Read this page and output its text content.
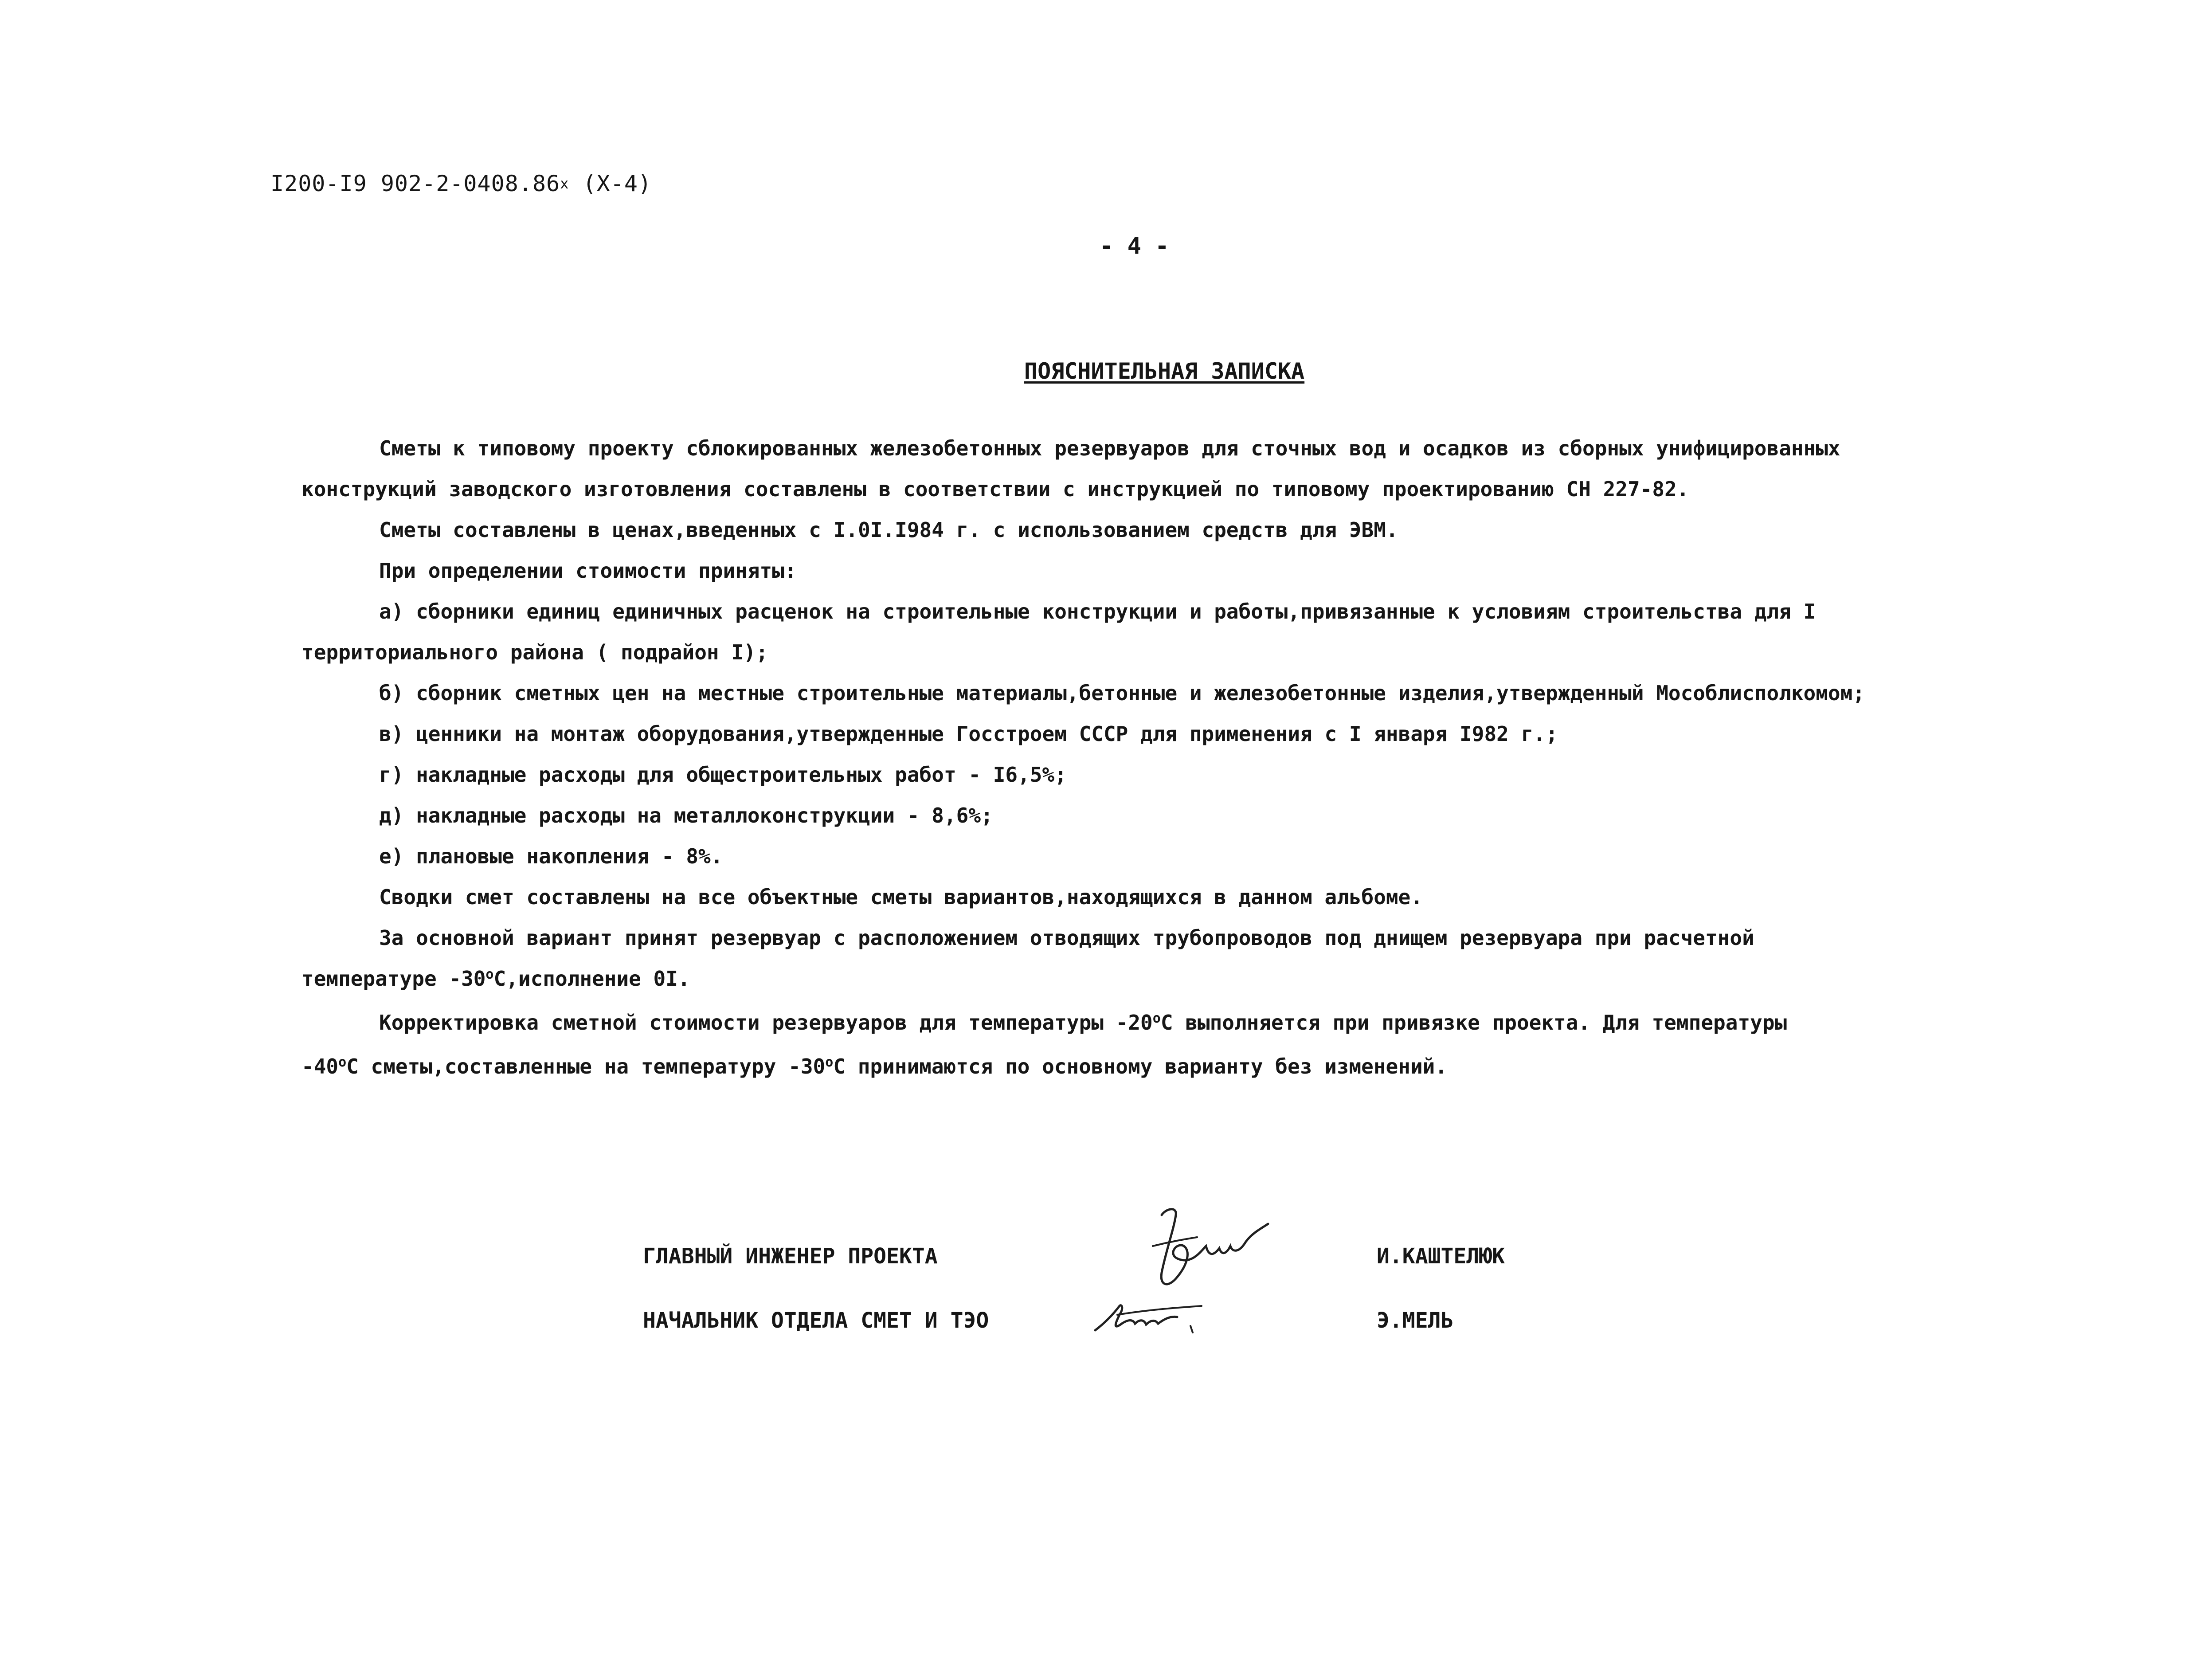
I200-I9 902-2-0408.86$^x$ (X-4)
- 4 -
ПОЯСНИТЕЛЬНАЯ ЗАПИСКА

Сметы к типовому проекту сблокированных железобетонных резервуаров для сточных вод и осадков из сборных унифицированных

конструкций заводского изготовления составлены в соответствии с инструкцией по типовому проектированию СН 227-82.

Сметы составлены в ценах,введенных с I.0I.I984 г. с использованием средств для ЭВМ.

При определении стоимости приняты:

а) сборники единиц единичных расценок на строительные конструкции и работы,привязанные к условиям строительства для I

территориального района ( подрайон I);

б) сборник сметных цен на местные строительные материалы,бетонные и железобетонные изделия,утвержденный Мособлисполкомом;

в) ценники на монтаж оборудования,утвержденные Госстроем СССР для применения с I января I982 г.;

г) накладные расходы для общестроительных работ - I6,5%;

д) накладные расходы на металлоконструкции - 8,6%;

е) плановые накопления - 8%.

Сводки смет составлены на все объектные сметы вариантов,находящихся в данном альбоме.

За основной вариант принят резервуар с расположением отводящих трубопроводов под днищем резервуара при расчетной

температуре $-30^оС,исполнение$ 0I.

Корректировка сметной стоимости резервуаров для температуры $-20^оС$ выполняется при привязке проекта. Для температуры

$-40^оС$ сметы,составленные на температуру $-30^оС$ принимаются по основному варианту без изменений.

ГЛАВНЫЙ ИНЖЕНЕР ПРОЕКТА
НАЧАЛЬНИК ОТДЕЛА СМЕТ И ТЭО
И.КАШТЕЛЮК
Э.МЕЛЬ
